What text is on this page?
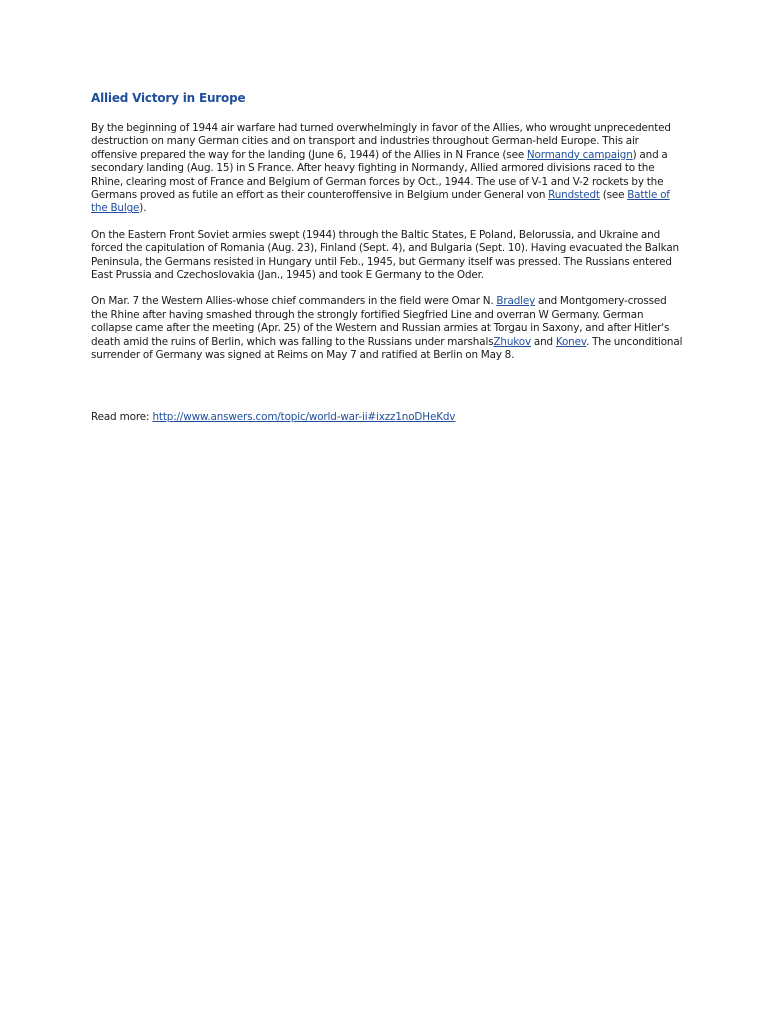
Allied Victory in Europe

By the beginning of 1944 air warfare had turned overwhelmingly in favor of the Allies, who wrought unprecedented destruction on many German cities and on transport and industries throughout German-held Europe. This air offensive prepared the way for the landing (June 6, 1944) of the Allies in N France (see Normandy campaign) and a secondary landing (Aug. 15) in S France. After heavy fighting in Normandy, Allied armored divisions raced to the Rhine, clearing most of France and Belgium of German forces by Oct., 1944. The use of V-1 and V-2 rockets by the Germans proved as futile an effort as their counteroffensive in Belgium under General von Rundstedt (see Battle of the Bulge).

On the Eastern Front Soviet armies swept (1944) through the Baltic States, E Poland, Belorussia, and Ukraine and forced the capitulation of Romania (Aug. 23), Finland (Sept. 4), and Bulgaria (Sept. 10). Having evacuated the Balkan Peninsula, the Germans resisted in Hungary until Feb., 1945, but Germany itself was pressed. The Russians entered East Prussia and Czechoslovakia (Jan., 1945) and took E Germany to the Oder.

On Mar. 7 the Western Allies-whose chief commanders in the field were Omar N. Bradley and Montgomery-crossed the Rhine after having smashed through the strongly fortified Siegfried Line and overran W Germany. German collapse came after the meeting (Apr. 25) of the Western and Russian armies at Torgau in Saxony, and after Hitler's death amid the ruins of Berlin, which was falling to the Russians under marshalsZhukov and Konev. The unconditional surrender of Germany was signed at Reims on May 7 and ratified at Berlin on May 8.

Read more: http://www.answers.com/topic/world-war-ii#ixzz1noDHeKdv
